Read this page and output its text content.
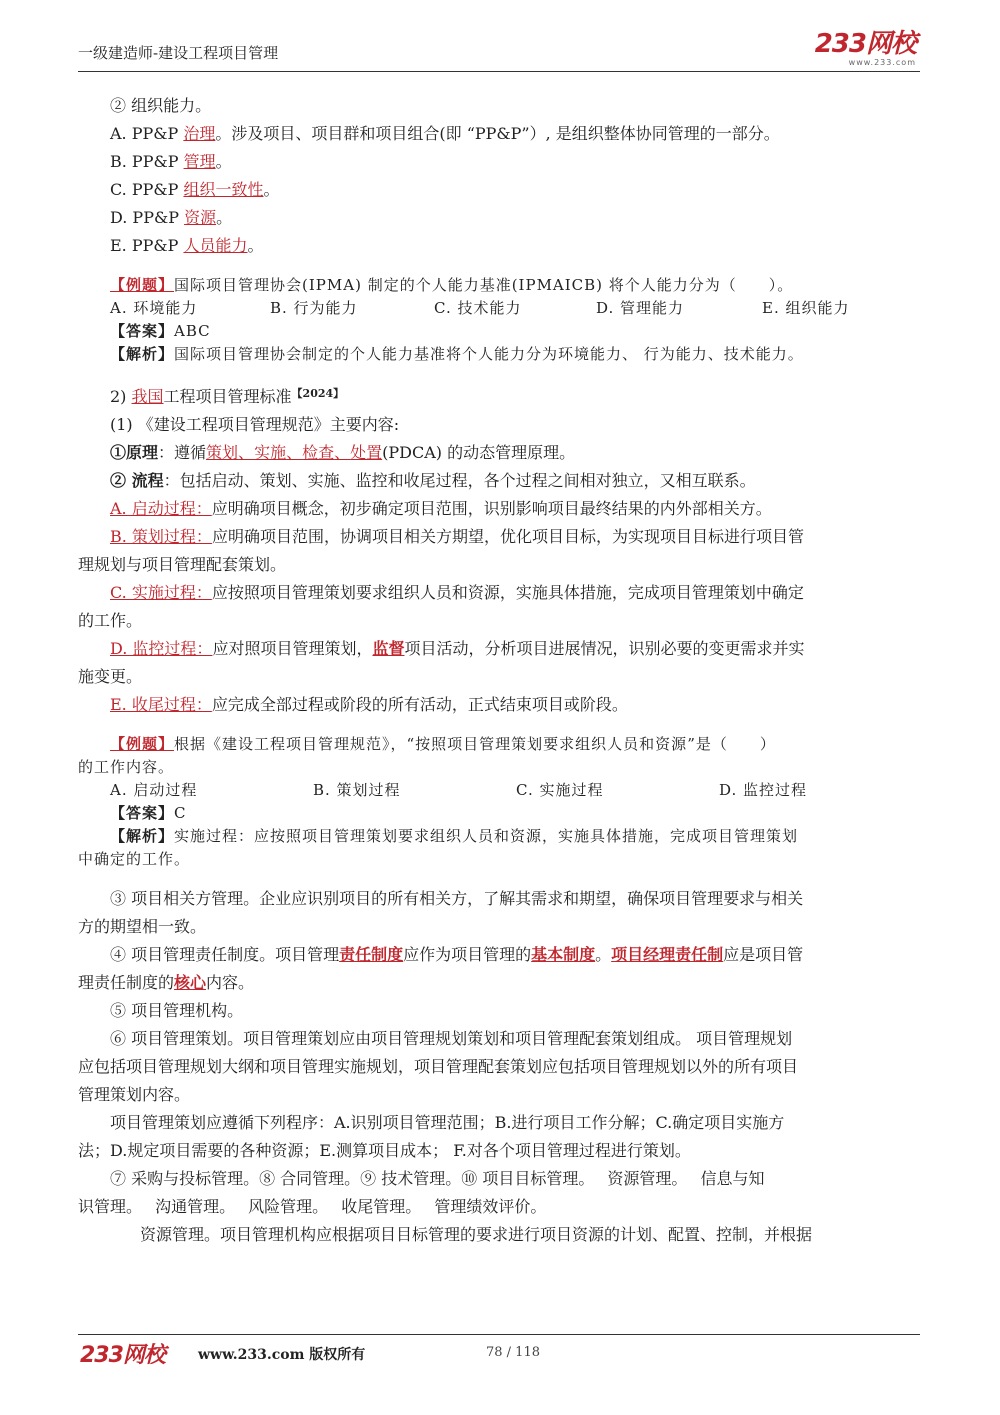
一级建造师-建设工程项目管理	233网校
www.233.com
② 组织能力。
A. PP&P 治理。涉及项目、项目群和项目组合(即 “PP&P”）, 是组织整体协同管理的一部分。
B. PP&P 管理。
C. PP&P 组织一致性。
D. PP&P 资源。
E. PP&P 人员能力。
【例题】国际项目管理协会(IPMA) 制定的个人能力基准(IPMAICB) 将个人能力分为（　　）。
A. 环境能力	B. 行为能力	C. 技术能力	D. 管理能力	E. 组织能力
【答案】ABC
【解析】国际项目管理协会制定的个人能力基准将个人能力分为环境能力、 行为能力、技术能力。
2) 我国工程项目管理标准$^{【2024】}$
(1) 《建设工程项目管理规范》主要内容:
①原理：遵循策划、实施、检查、处置(PDCA) 的动态管理原理。
② 流程：包括启动、策划、实施、监控和收尾过程，各个过程之间相对独立，又相互联系。
A. 启动过程：应明确项目概念，初步确定项目范围，识别影响项目最终结果的内外部相关方。
B. 策划过程：应明确项目范围，协调项目相关方期望，优化项目目标，为实现项目目标进行项目管
理规划与项目管理配套策划。
C. 实施过程：应按照项目管理策划要求组织人员和资源，实施具体措施，完成项目管理策划中确定
的工作。
D. 监控过程：应对照项目管理策划，监督项目活动，分析项目进展情况，识别必要的变更需求并实
施变更。
E. 收尾过程：应完成全部过程或阶段的所有活动，正式结束项目或阶段。
【例题】根据《建设工程项目管理规范》，“按照项目管理策划要求组织人员和资源”是（　　）
的工作内容。
A. 启动过程	B. 策划过程	C. 实施过程	D. 监控过程
【答案】C
【解析】实施过程：应按照项目管理策划要求组织人员和资源，实施具体措施，完成项目管理策划
中确定的工作。
③ 项目相关方管理。企业应识别项目的所有相关方，了解其需求和期望，确保项目管理要求与相关
方的期望相一致。
④ 项目管理责任制度。项目管理责任制度应作为项目管理的基本制度。项目经理责任制应是项目管
理责任制度的核心内容。
⑤ 项目管理机构。
⑥ 项目管理策划。项目管理策划应由项目管理规划策划和项目管理配套策划组成。 项目管理规划
应包括项目管理规划大纲和项目管理实施规划，项目管理配套策划应包括项目管理规划以外的所有项目
管理策划内容。
项目管理策划应遵循下列程序：A.识别项目管理范围；B.进行项目工作分解；C.确定项目实施方
法；D.规定项目需要的各种资源；E.测算项目成本； F.对各个项目管理过程进行策划。
⑦ 采购与投标管理。⑧ 合同管理。⑨ 技术管理。⑩ 项目目标管理。　 资源管理。　 信息与知
识管理。　 沟通管理。　 风险管理。　 收尾管理。　 管理绩效评价。
资源管理。项目管理机构应根据项目目标管理的要求进行项目资源的计划、配置、控制，并根据
233网校 www.233.com 版权所有	78 / 118
